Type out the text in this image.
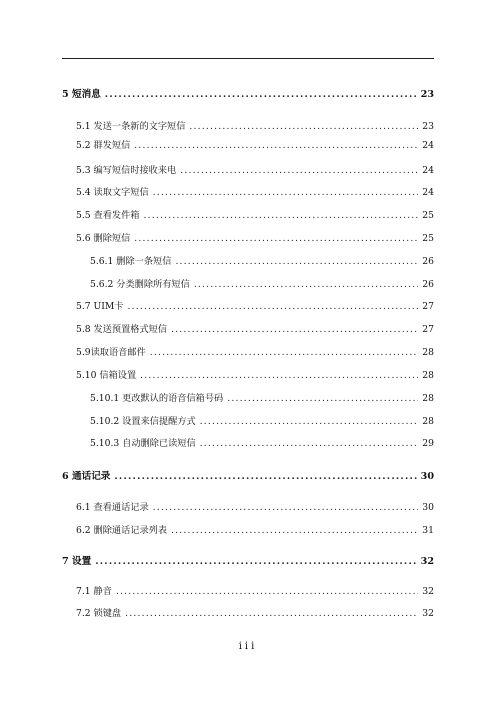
5 短消息 .....	23
5.1 发送一条新的文字短信 .....	23
5.2 群发短信 .....	24
5.3 编写短信时接收来电 .....	24
5.4 读取文字短信 .....	24
5.5 查看发件箱 .....	25
5.6 删除短信 .....	25
5.6.1 删除一条短信 .....	26
5.6.2 分类删除所有短信 .....	26
5.7 UIM卡 .....	27
5.8 发送预置格式短信 .....	27
5.9读取语音邮件 .....	28
5.10 信箱设置 .....	28
5.10.1 更改默认的语音信箱号码 .....	28
5.10.2 设置来信提醒方式 .....	28
5.10.3 自动删除已读短信 .....	29
6 通话记录 .....	30
6.1 查看通话记录 .....	30
6.2 删除通话记录列表 .....	31
7 设置 .....	32
7.1 静音 .....	32
7.2 锁键盘 .....	32
iii
